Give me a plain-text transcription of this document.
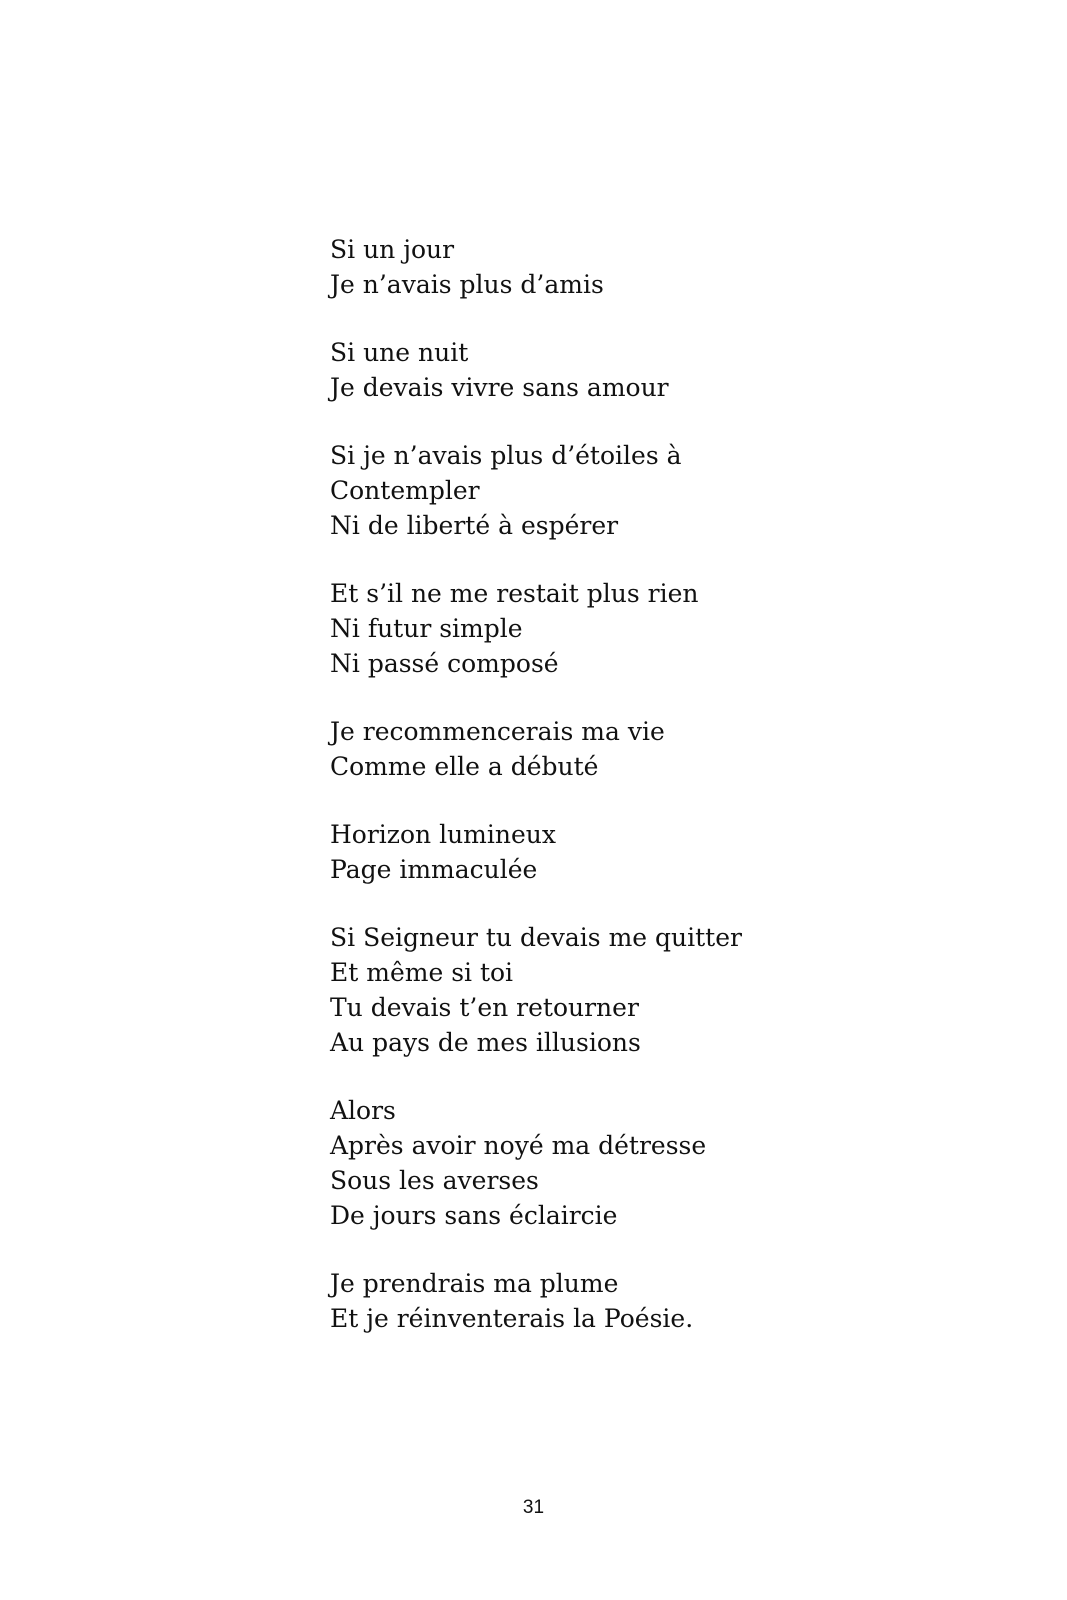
Si un jour
Je n’avais plus d’amis
Si une nuit
Je devais vivre sans amour
Si je n’avais plus d’étoiles à
Contempler
Ni de liberté à espérer
Et s’il ne me restait plus rien
Ni futur simple
Ni passé composé
Je recommencerais ma vie
Comme elle a débuté
Horizon lumineux
Page immaculée
Si Seigneur tu devais me quitter
Et même si toi
Tu devais t’en retourner
Au pays de mes illusions
Alors
Après avoir noyé ma détresse
Sous les averses
De jours sans éclaircie
Je prendrais ma plume
Et je réinventerais la Poésie.
31
